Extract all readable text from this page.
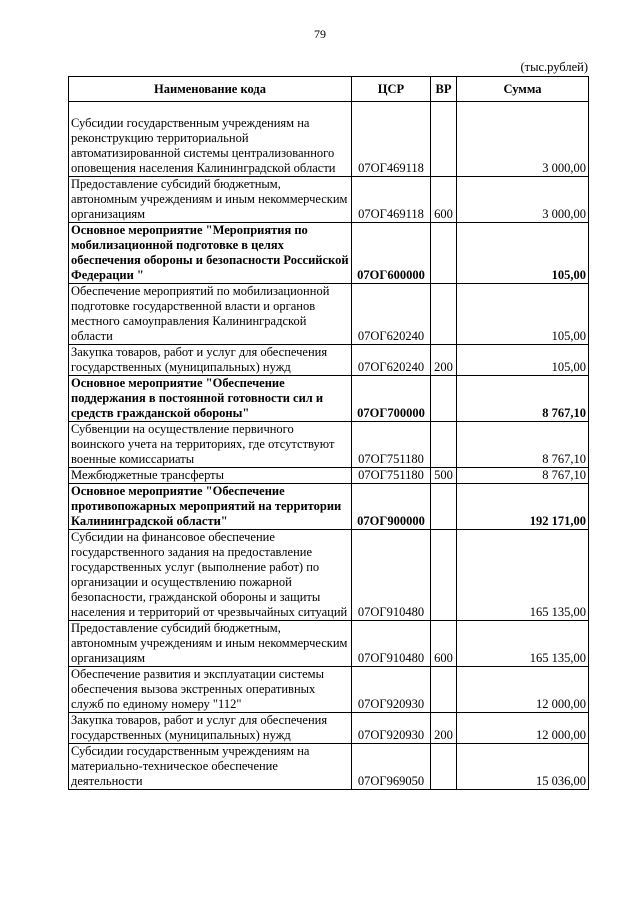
79
(тыс.рублей)
Наименование кода	ЦСР	ВР	Сумма

Субсидии государственным учреждениям на реконструкцию территориальной автоматизированной системы централизованного оповещения населения Калининградской области	07ОГ469118		3 000,00
Предоставление субсидий бюджетным, автономным учреждениям и иным некоммерческим организациям	07ОГ469118	600	3 000,00
Основное мероприятие "Мероприятия по мобилизационной подготовке в целях обеспечения обороны и безопасности Российской Федерации "	07ОГ600000		105,00
Обеспечение мероприятий по мобилизационной подготовке государственной власти и органов местного самоуправления Калининградской области	07ОГ620240		105,00
Закупка товаров, работ и услуг для обеспечения государственных (муниципальных) нужд	07ОГ620240	200	105,00
Основное мероприятие "Обеспечение поддержания в постоянной готовности сил и средств гражданской обороны"	07ОГ700000		8 767,10
Субвенции на осуществление первичного воинского учета на территориях, где отсутствуют военные комиссариаты	07ОГ751180		8 767,10
Межбюджетные трансферты	07ОГ751180	500	8 767,10
Основное мероприятие "Обеспечение противопожарных мероприятий на территории Калининградской области"	07ОГ900000		192 171,00
Субсидии на финансовое обеспечение государственного задания на предоставление государственных услуг (выполнение работ) по организации и осуществлению пожарной безопасности, гражданской обороны и защиты населения и территорий от чрезвычайных ситуаций	07ОГ910480		165 135,00
Предоставление субсидий бюджетным, автономным учреждениям и иным некоммерческим организациям	07ОГ910480	600	165 135,00
Обеспечение развития и эксплуатации системы обеспечения вызова экстренных оперативных служб по единому номеру "112"	07ОГ920930		12 000,00
Закупка товаров, работ и услуг для обеспечения государственных (муниципальных) нужд	07ОГ920930	200	12 000,00
Субсидии государственным учреждениям на материально-техническое обеспечение деятельности	07ОГ969050		15 036,00
